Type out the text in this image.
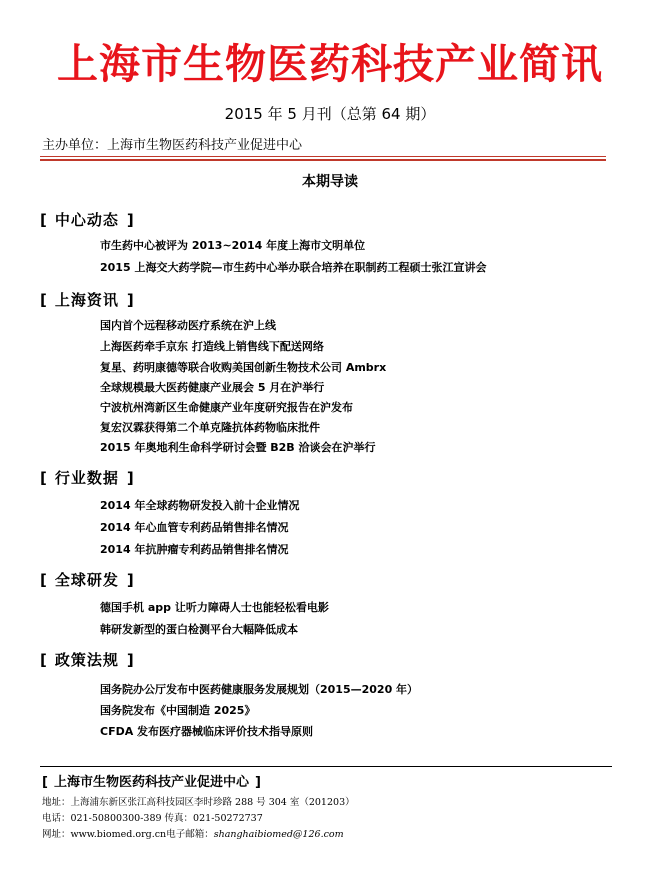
上海市生物医药科技产业简讯
2015 年 5 月刊（总第 64 期）
主办单位：上海市生物医药科技产业促进中心
本期导读
[ 中心动态 ]
市生药中心被评为 2013~2014 年度上海市文明单位
2015 上海交大药学院—市生药中心举办联合培养在职制药工程硕士张江宣讲会
[ 上海资讯 ]
国内首个远程移动医疗系统在沪上线
上海医药牵手京东 打造线上销售线下配送网络
复星、药明康德等联合收购美国创新生物技术公司 Ambrx
全球规模最大医药健康产业展会 5 月在沪举行
宁波杭州湾新区生命健康产业年度研究报告在沪发布
复宏汉霖获得第二个单克隆抗体药物临床批件
2015 年奥地利生命科学研讨会暨 B2B 洽谈会在沪举行
[ 行业数据 ]
2014 年全球药物研发投入前十企业情况
2014 年心血管专利药品销售排名情况
2014 年抗肿瘤专利药品销售排名情况
[ 全球研发 ]
德国手机 app 让听力障碍人士也能轻松看电影
韩研发新型的蛋白检测平台大幅降低成本
[ 政策法规 ]
国务院办公厅发布中医药健康服务发展规划（2015—2020 年）
国务院发布《中国制造 2025》
CFDA 发布医疗器械临床评价技术指导原则
[ 上海市生物医药科技产业促进中心 ]
地址：上海浦东新区张江高科技园区李时珍路 288 号 304 室（201203）
电话：021-50800300-389 传真：021-50272737
网址：www.biomed.org.cn电子邮箱：shanghaibiomed@126.com
